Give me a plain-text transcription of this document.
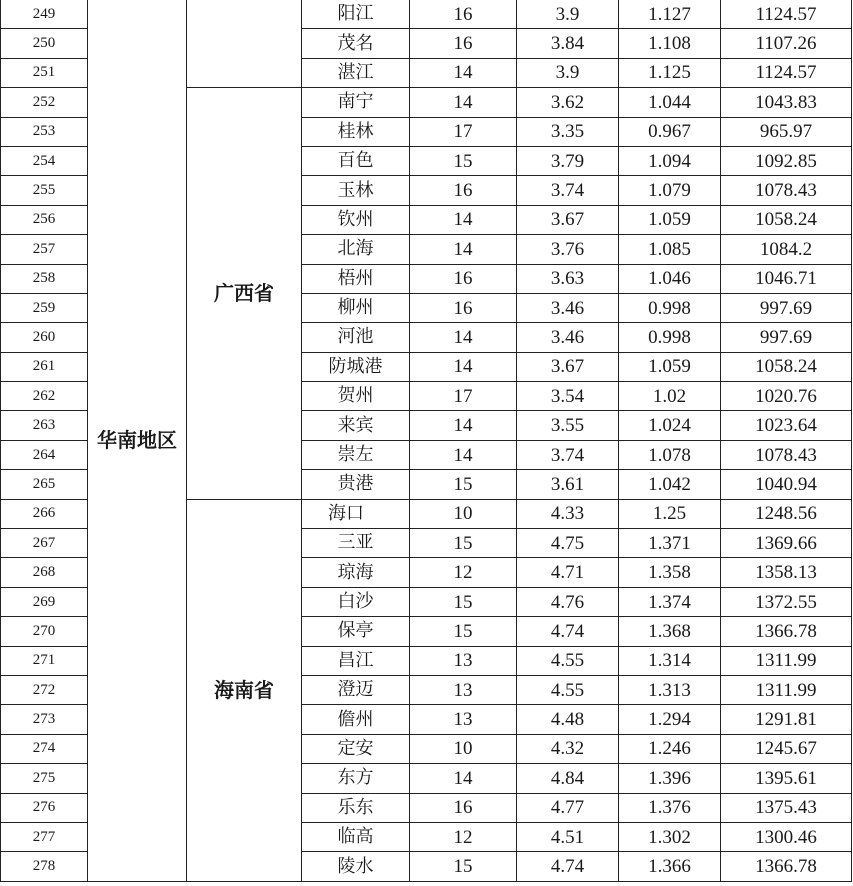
249	华南地区		阳江	16	3.9	1.127	1124.57
250			茂名	16	3.84	1.108	1107.26
251			湛江	14	3.9	1.125	1124.57
252		广西省	南宁	14	3.62	1.044	1043.83
253			桂林	17	3.35	0.967	965.97
254			百色	15	3.79	1.094	1092.85
255			玉林	16	3.74	1.079	1078.43
256			钦州	14	3.67	1.059	1058.24
257			北海	14	3.76	1.085	1084.2
258			梧州	16	3.63	1.046	1046.71
259			柳州	16	3.46	0.998	997.69
260			河池	14	3.46	0.998	997.69
261			防城港	14	3.67	1.059	1058.24
262			贺州	17	3.54	1.02	1020.76
263			来宾	14	3.55	1.024	1023.64
264			崇左	14	3.74	1.078	1078.43
265			贵港	15	3.61	1.042	1040.94
266		海南省	海口	10	4.33	1.25	1248.56
267			三亚	15	4.75	1.371	1369.66
268			琼海	12	4.71	1.358	1358.13
269			白沙	15	4.76	1.374	1372.55
270			保亭	15	4.74	1.368	1366.78
271			昌江	13	4.55	1.314	1311.99
272			澄迈	13	4.55	1.313	1311.99
273			儋州	13	4.48	1.294	1291.81
274			定安	10	4.32	1.246	1245.67
275			东方	14	4.84	1.396	1395.61
276			乐东	16	4.77	1.376	1375.43
277			临高	12	4.51	1.302	1300.46
278			陵水	15	4.74	1.366	1366.78
